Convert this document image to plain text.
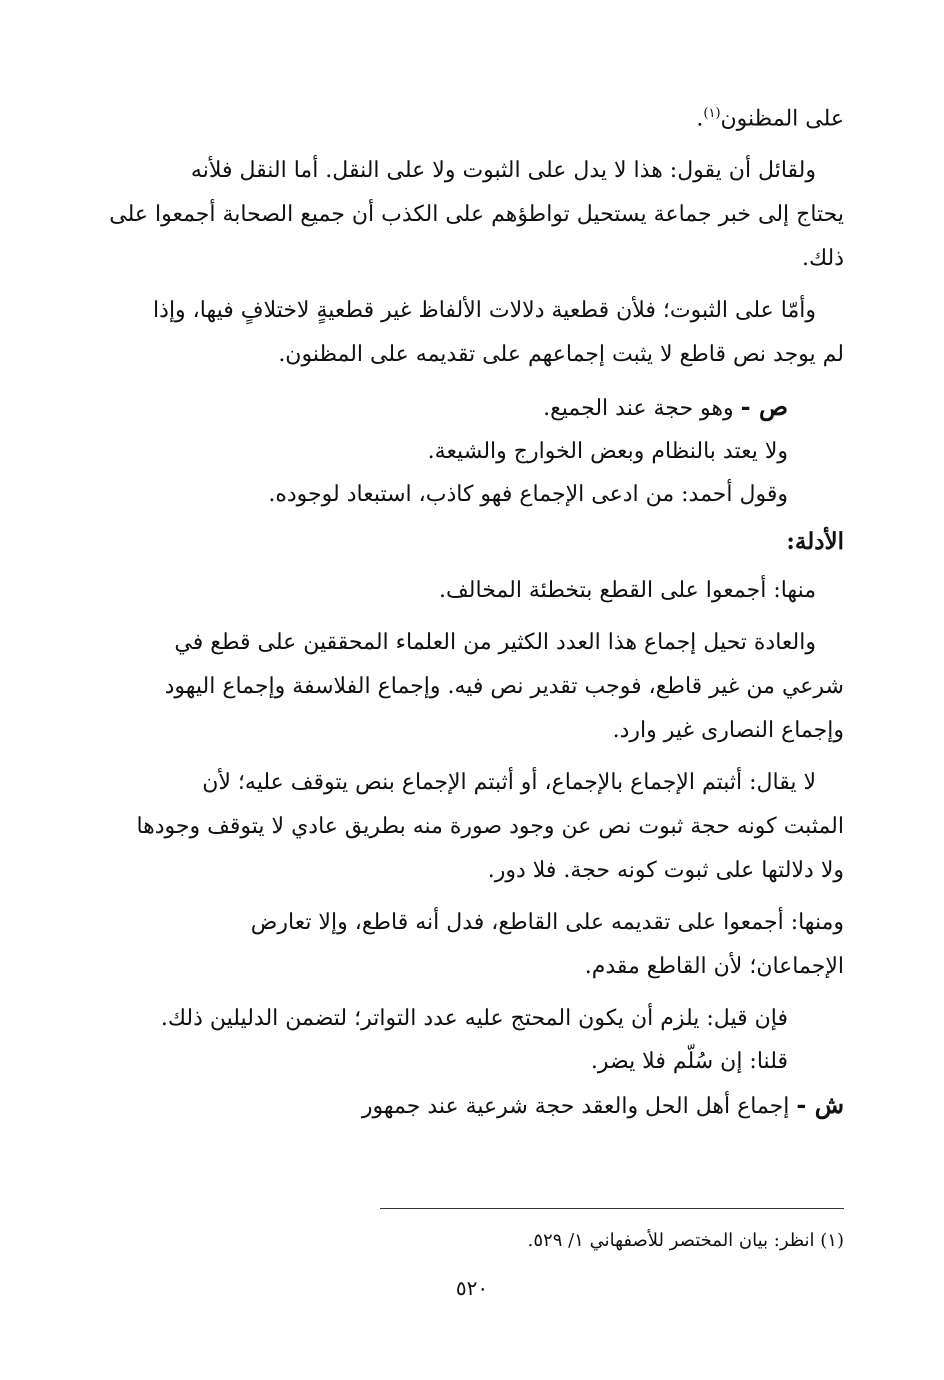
على المظنون$^{(١)}$.

ولقائل أن يقول: هذا لا يدل على الثبوت ولا على النقل. أما النقل فلأنه
يحتاج إلى خبر جماعة يستحيل تواطؤهم على الكذب أن جميع الصحابة أجمعوا على
ذلك.

وأمّا على الثبوت؛ فلأن قطعية دلالات الألفاظ غير قطعيةٍ لاختلافٍ فيها، وإذا
لم يوجد نص قاطع لا يثبت إجماعهم على تقديمه على المظنون.

ص - وهو حجة عند الجميع.
ولا يعتد بالنظام وبعض الخوارج والشيعة.
وقول أحمد: من ادعى الإجماع فهو كاذب، استبعاد لوجوده.

الأدلة:

منها: أجمعوا على القطع بتخطئة المخالف.

والعادة تحيل إجماع هذا العدد الكثير من العلماء المحققين على قطع في
شرعي من غير قاطع، فوجب تقدير نص فيه. وإجماع الفلاسفة وإجماع اليهود
وإجماع النصارى غير وارد.

لا يقال: أثبتم الإجماع بالإجماع، أو أثبتم الإجماع بنص يتوقف عليه؛ لأن
المثبت كونه حجة ثبوت نص عن وجود صورة منه بطريق عادي لا يتوقف وجودها
ولا دلالتها على ثبوت كونه حجة. فلا دور.

ومنها: أجمعوا على تقديمه على القاطع، فدل أنه قاطع، وإلا تعارض
الإجماعان؛ لأن القاطع مقدم.

فإن قيل: يلزم أن يكون المحتج عليه عدد التواتر؛ لتضمن الدليلين ذلك.
قلنا: إن سُلّم فلا يضر.

ش - إجماع أهل الحل والعقد حجة شرعية عند جمهور

(١) انظر: بيان المختصر للأصفهاني ١/ ٥٢٩.
٥٢٠
